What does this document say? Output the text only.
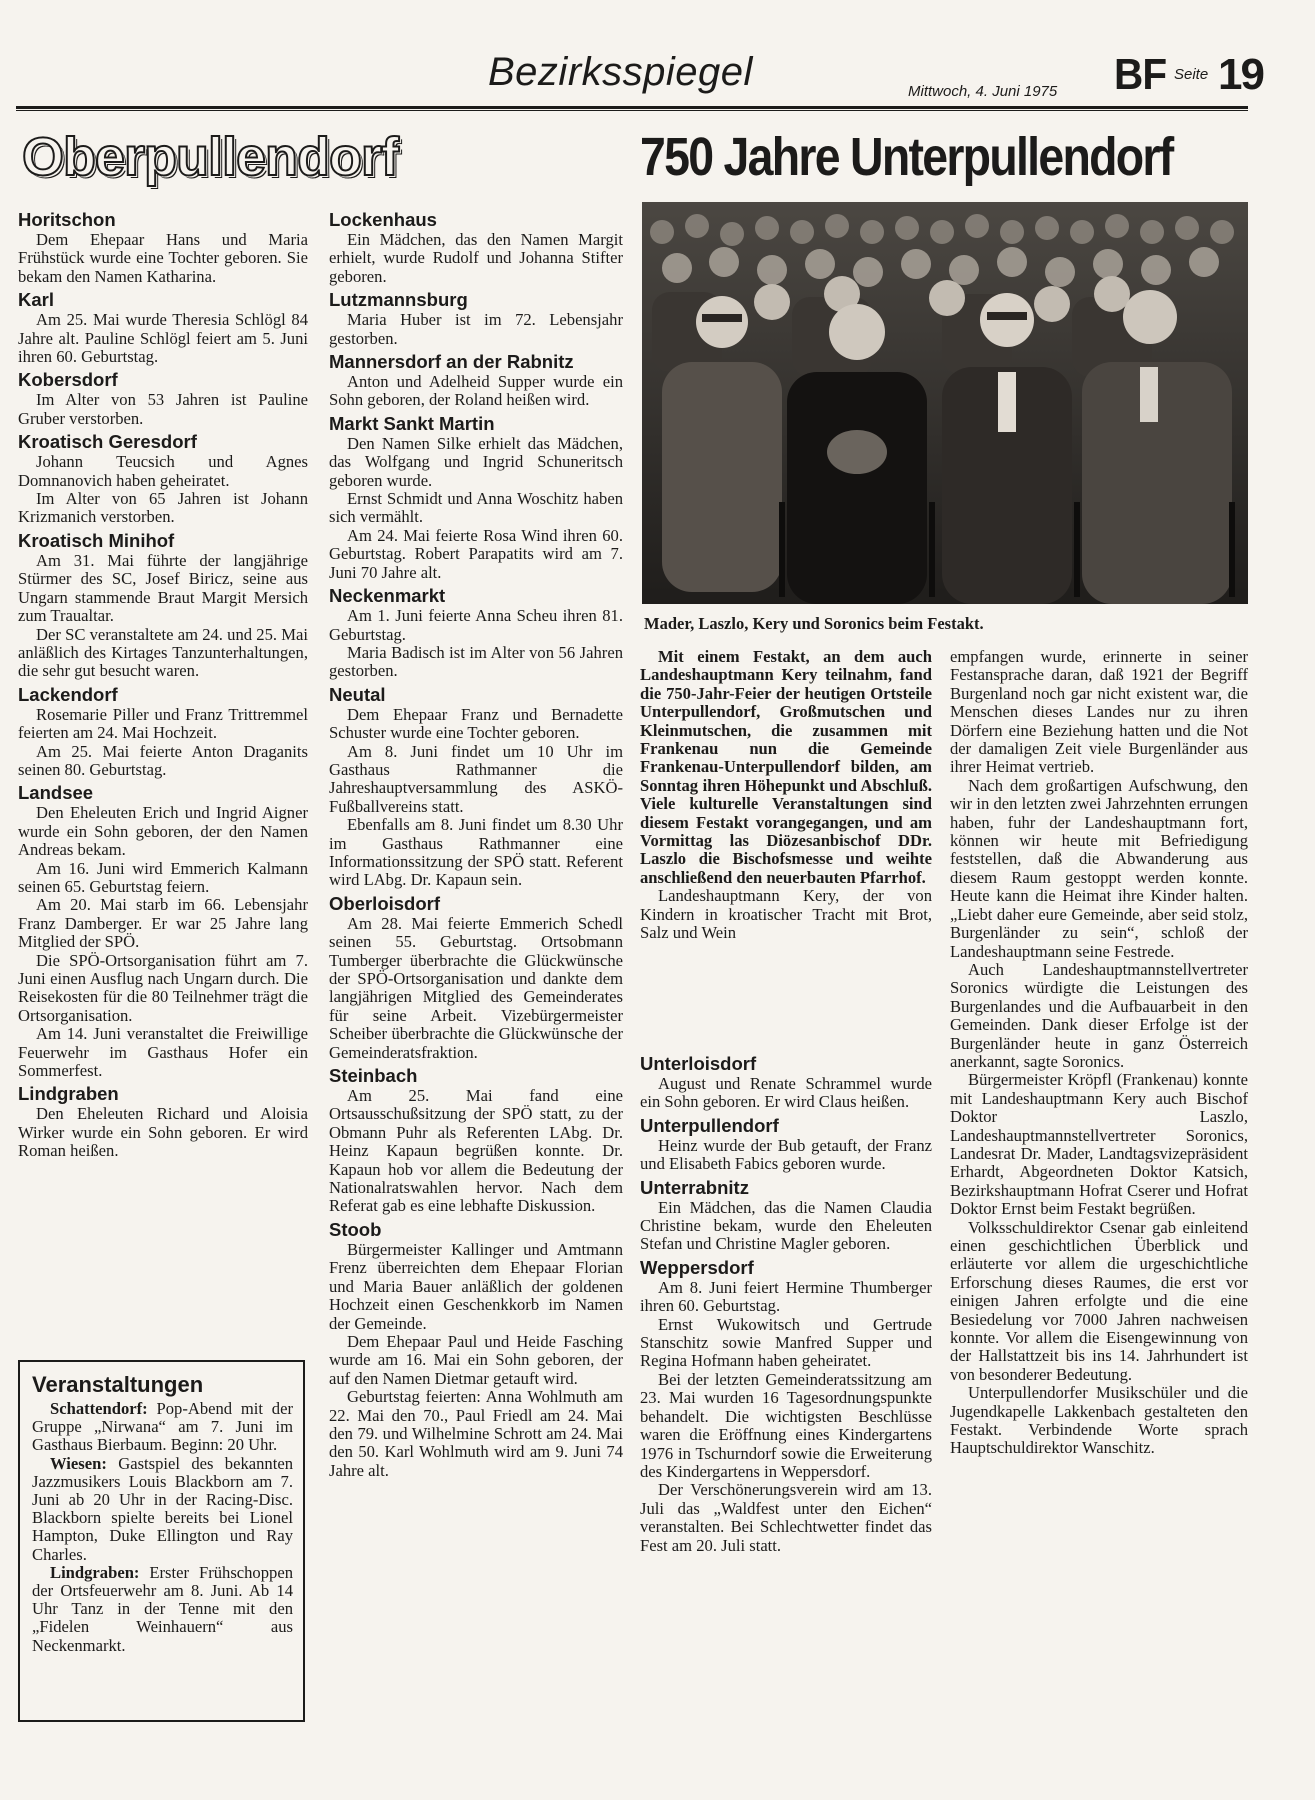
Bezirksspiegel	Mittwoch, 4. Juni 1975 BF Seite 19
Oberpullendorf
Horitschon

Dem Ehepaar Hans und Maria Frühstück wurde eine Tochter geboren. Sie bekam den Namen Katharina.

Karl

Am 25. Mai wurde Theresia Schlögl 84 Jahre alt. Pauline Schlögl feiert am 5. Juni ihren 60. Geburtstag.

Kobersdorf

Im Alter von 53 Jahren ist Pauline Gruber verstorben.

Kroatisch Geresdorf

Johann Teucsich und Agnes Domnanovich haben geheiratet.

Im Alter von 65 Jahren ist Johann Krizmanich verstorben.

Kroatisch Minihof

Am 31. Mai führte der langjährige Stürmer des SC, Josef Biricz, seine aus Ungarn stammende Braut Margit Mersich zum Traualtar.

Der SC veranstaltete am 24. und 25. Mai anläßlich des Kirtages Tanzunterhaltungen, die sehr gut besucht waren.

Lackendorf

Rosemarie Piller und Franz Trittremmel feierten am 24. Mai Hochzeit.

Am 25. Mai feierte Anton Draganits seinen 80. Geburtstag.

Landsee

Den Eheleuten Erich und Ingrid Aigner wurde ein Sohn geboren, der den Namen Andreas bekam.

Am 16. Juni wird Emmerich Kalmann seinen 65. Geburtstag feiern.

Am 20. Mai starb im 66. Lebensjahr Franz Damberger. Er war 25 Jahre lang Mitglied der SPÖ.

Die SPÖ-Ortsorganisation führt am 7. Juni einen Ausflug nach Ungarn durch. Die Reisekosten für die 80 Teilnehmer trägt die Ortsorganisation.

Am 14. Juni veranstaltet die Freiwillige Feuerwehr im Gasthaus Hofer ein Sommerfest.

Lindgraben

Den Eheleuten Richard und Aloisia Wirker wurde ein Sohn geboren. Er wird Roman heißen.

Veranstaltungen

Schattendorf: Pop-Abend mit der Gruppe „Nirwana“ am 7. Juni im Gasthaus Bierbaum. Beginn: 20 Uhr.

Wiesen: Gastspiel des bekannten Jazzmusikers Louis Blackborn am 7. Juni ab 20 Uhr in der Racing-Disc. Blackborn spielte bereits bei Lionel Hampton, Duke Ellington und Ray Charles.

Lindgraben: Erster Frühschoppen der Ortsfeuerwehr am 8. Juni. Ab 14 Uhr Tanz in der Tenne mit den „Fidelen Weinhauern“ aus Neckenmarkt.

Lockenhaus

Ein Mädchen, das den Namen Margit erhielt, wurde Rudolf und Johanna Stifter geboren.

Lutzmannsburg

Maria Huber ist im 72. Lebensjahr gestorben.

Mannersdorf an der Rabnitz

Anton und Adelheid Supper wurde ein Sohn geboren, der Roland heißen wird.

Markt Sankt Martin

Den Namen Silke erhielt das Mädchen, das Wolfgang und Ingrid Schuneritsch geboren wurde.

Ernst Schmidt und Anna Woschitz haben sich vermählt.

Am 24. Mai feierte Rosa Wind ihren 60. Geburtstag. Robert Parapatits wird am 7. Juni 70 Jahre alt.

Neckenmarkt

Am 1. Juni feierte Anna Scheu ihren 81. Geburtstag.

Maria Badisch ist im Alter von 56 Jahren gestorben.

Neutal

Dem Ehepaar Franz und Bernadette Schuster wurde eine Tochter geboren.

Am 8. Juni findet um 10 Uhr im Gasthaus Rathmanner die Jahreshauptversammlung des ASKÖ-Fußballvereins statt.

Ebenfalls am 8. Juni findet um 8.30 Uhr im Gasthaus Rathmanner eine Informationssitzung der SPÖ statt. Referent wird LAbg. Dr. Kapaun sein.

Oberloisdorf

Am 28. Mai feierte Emmerich Schedl seinen 55. Geburtstag. Ortsobmann Tumberger überbrachte die Glückwünsche der SPÖ-Ortsorganisation und dankte dem langjährigen Mitglied des Gemeinderates für seine Arbeit. Vizebürgermeister Scheiber überbrachte die Glückwünsche der Gemeinderatsfraktion.

Steinbach

Am 25. Mai fand eine Ortsausschußsitzung der SPÖ statt, zu der Obmann Puhr als Referenten LAbg. Dr. Heinz Kapaun begrüßen konnte. Dr. Kapaun hob vor allem die Bedeutung der Nationalratswahlen hervor. Nach dem Referat gab es eine lebhafte Diskussion.

Stoob

Bürgermeister Kallinger und Amtmann Frenz überreichten dem Ehepaar Florian und Maria Bauer anläßlich der goldenen Hochzeit einen Geschenkkorb im Namen der Gemeinde.

Dem Ehepaar Paul und Heide Fasching wurde am 16. Mai ein Sohn geboren, der auf den Namen Dietmar getauft wird.

Geburtstag feierten: Anna Wohlmuth am 22. Mai den 70., Paul Friedl am 24. Mai den 79. und Wilhelmine Schrott am 24. Mai den 50. Karl Wohlmuth wird am 9. Juni 74 Jahre alt.

750 Jahre Unterpullendorf
Mader, Laszlo, Kery und Soronics beim Festakt.

Mit einem Festakt, an dem auch Landeshauptmann Kery teilnahm, fand die 750-Jahr-Feier der heutigen Ortsteile Unterpullendorf, Großmutschen und Kleinmutschen, die zusammen mit Frankenau nun die Gemeinde Frankenau-Unterpullendorf bilden, am Sonntag ihren Höhepunkt und Abschluß. Viele kulturelle Veranstaltungen sind diesem Festakt vorangegangen, und am Vormittag las Diözesanbischof DDr. Laszlo die Bischofsmesse und weihte anschließend den neuerbauten Pfarrhof.

Landeshauptmann Kery, der von Kindern in kroatischer Tracht mit Brot, Salz und Wein

Unterloisdorf

August und Renate Schrammel wurde ein Sohn geboren. Er wird Claus heißen.

Unterpullendorf

Heinz wurde der Bub getauft, der Franz und Elisabeth Fabics geboren wurde.

Unterrabnitz

Ein Mädchen, das die Namen Claudia Christine bekam, wurde den Eheleuten Stefan und Christine Magler geboren.

Weppersdorf

Am 8. Juni feiert Hermine Thumberger ihren 60. Geburtstag.

Ernst Wukowitsch und Gertrude Stanschitz sowie Manfred Supper und Regina Hofmann haben geheiratet.

Bei der letzten Gemeinderatssitzung am 23. Mai wurden 16 Tagesordnungspunkte behandelt. Die wichtigsten Beschlüsse waren die Eröffnung eines Kindergartens 1976 in Tschurndorf sowie die Erweiterung des Kindergartens in Weppersdorf.

Der Verschönerungsverein wird am 13. Juli das „Waldfest unter den Eichen“ veranstalten. Bei Schlechtwetter findet das Fest am 20. Juli statt.

empfangen wurde, erinnerte in seiner Festansprache daran, daß 1921 der Begriff Burgenland noch gar nicht existent war, die Menschen dieses Landes nur zu ihren Dörfern eine Beziehung hatten und die Not der damaligen Zeit viele Burgenländer aus ihrer Heimat vertrieb.

Nach dem großartigen Aufschwung, den wir in den letzten zwei Jahrzehnten errungen haben, fuhr der Landeshauptmann fort, können wir heute mit Befriedigung feststellen, daß die Abwanderung aus diesem Raum gestoppt werden konnte. Heute kann die Heimat ihre Kinder halten. „Liebt daher eure Gemeinde, aber seid stolz, Burgenländer zu sein“, schloß der Landeshauptmann seine Festrede.

Auch Landeshauptmannstellvertreter Soronics würdigte die Leistungen des Burgenlandes und die Aufbauarbeit in den Gemeinden. Dank dieser Erfolge ist der Burgenländer heute in ganz Österreich anerkannt, sagte Soronics.

Bürgermeister Kröpfl (Frankenau) konnte mit Landeshauptmann Kery auch Bischof Doktor Laszlo, Landeshauptmannstellvertreter Soronics, Landesrat Dr. Mader, Landtagsvizepräsident Erhardt, Abgeordneten Doktor Katsich, Bezirkshauptmann Hofrat Cserer und Hofrat Doktor Ernst beim Festakt begrüßen.

Volksschuldirektor Csenar gab einleitend einen geschichtlichen Überblick und erläuterte vor allem die urgeschichtliche Erforschung dieses Raumes, die erst vor einigen Jahren erfolgte und die eine Besiedelung vor 7000 Jahren nachweisen konnte. Vor allem die Eisengewinnung von der Hallstattzeit bis ins 14. Jahrhundert ist von besonderer Bedeutung.

Unterpullendorfer Musikschüler und die Jugendkapelle Lakkenbach gestalteten den Festakt. Verbindende Worte sprach Hauptschuldirektor Wanschitz.
